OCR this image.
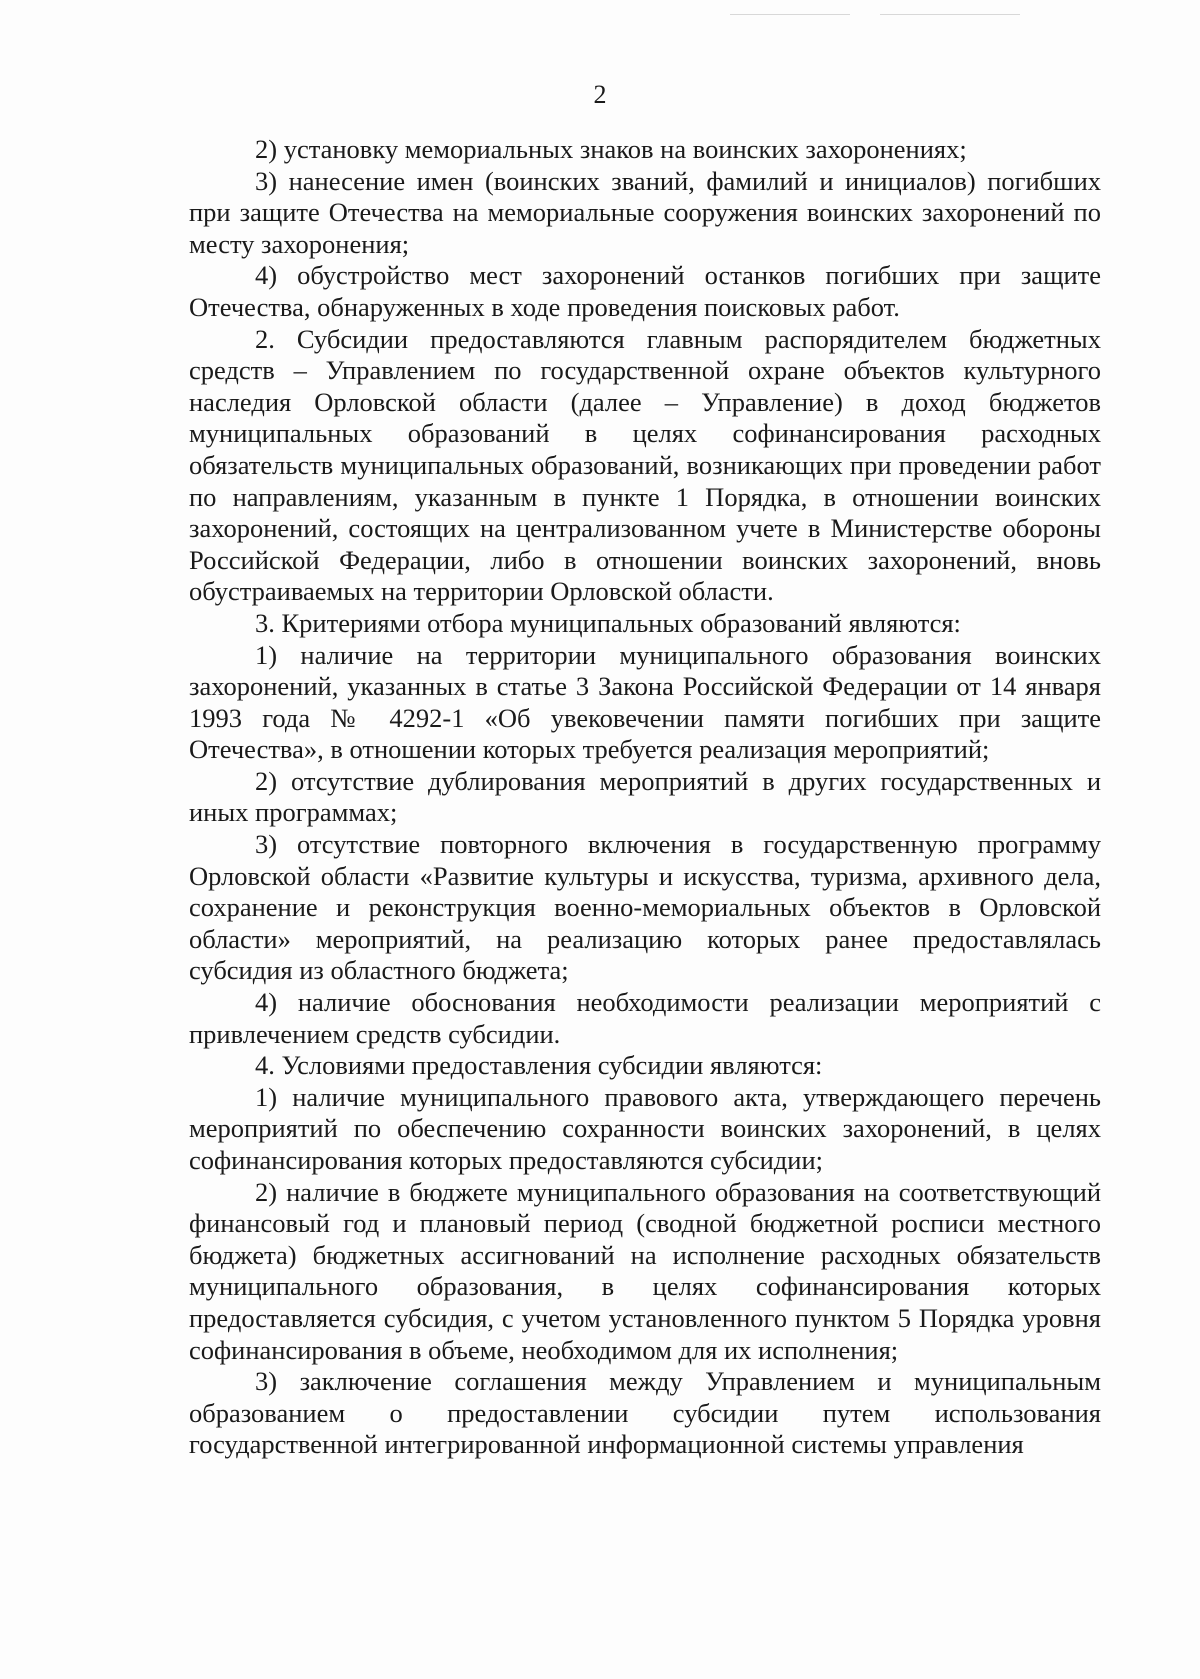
2

2) установку мемориальных знаков на воинских захоронениях;

3) нанесение имен (воинских званий, фамилий и инициалов) погибших при защите Отечества на мемориальные сооружения воинских захоронений по месту захоронения;

4) обустройство мест захоронений останков погибших при защите Отечества, обнаруженных в ходе проведения поисковых работ.

2. Субсидии предоставляются главным распорядителем бюджетных средств – Управлением по государственной охране объектов культурного наследия Орловской области (далее – Управление) в доход бюджетов муниципальных образований в целях софинансирования расходных обязательств муниципальных образований, возникающих при проведении работ по направлениям, указанным в пункте 1 Порядка, в отношении воинских захоронений, состоящих на централизованном учете в Министерстве обороны Российской Федерации, либо в отношении воинских захоронений, вновь обустраиваемых на территории Орловской области.

3. Критериями отбора муниципальных образований являются:

1) наличие на территории муниципального образования воинских захоронений, указанных в статье 3 Закона Российской Федерации от 14 января 1993 года № 4292-1 «Об увековечении памяти погибших при защите Отечества», в отношении которых требуется реализация мероприятий;

2) отсутствие дублирования мероприятий в других государственных и иных программах;

3) отсутствие повторного включения в государственную программу Орловской области «Развитие культуры и искусства, туризма, архивного дела, сохранение и реконструкция военно-мемориальных объектов в Орловской области» мероприятий, на реализацию которых ранее предоставлялась субсидия из областного бюджета;

4) наличие обоснования необходимости реализации мероприятий с привлечением средств субсидии.

4. Условиями предоставления субсидии являются:

1) наличие муниципального правового акта, утверждающего перечень мероприятий по обеспечению сохранности воинских захоронений, в целях софинансирования которых предоставляются субсидии;

2) наличие в бюджете муниципального образования на соответствующий финансовый год и плановый период (сводной бюджетной росписи местного бюджета) бюджетных ассигнований на исполнение расходных обязательств муниципального образования, в целях софинансирования которых предоставляется субсидия, с учетом установленного пунктом 5 Порядка уровня софинансирования в объеме, необходимом для их исполнения;

3) заключение соглашения между Управлением и муниципальным образованием о предоставлении субсидии путем использования государственной интегрированной информационной системы управления
